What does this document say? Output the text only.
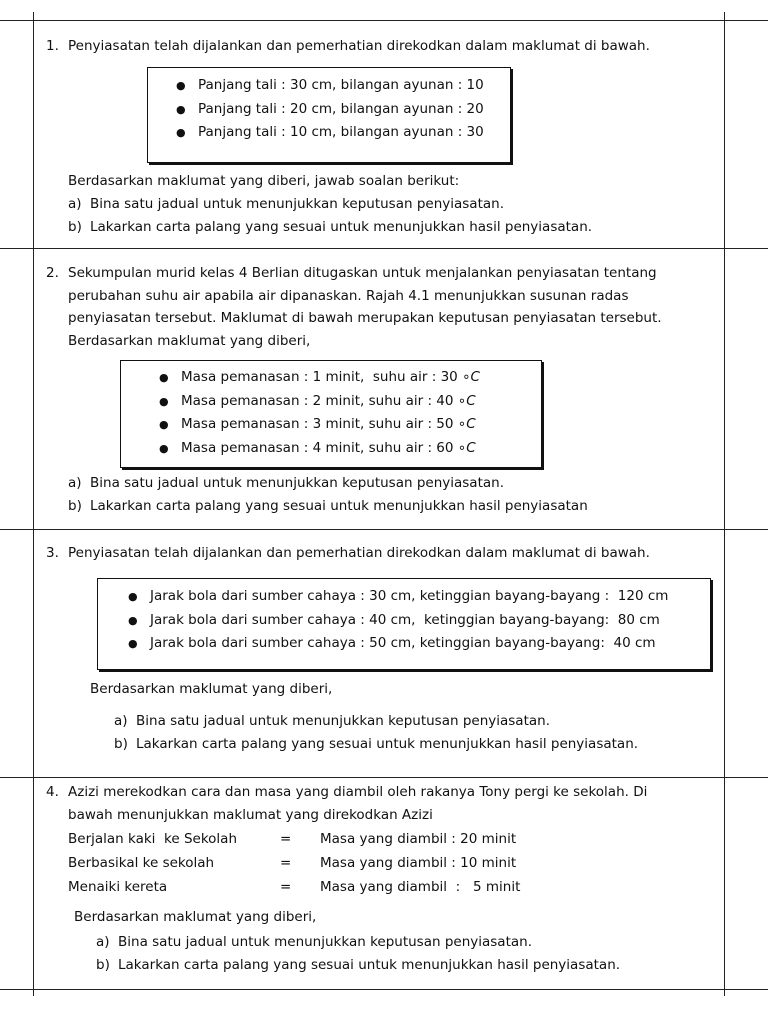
1. Penyiasatan telah dijalankan dan pemerhatian direkodkan dalam maklumat di bawah.
● Panjang tali : 30 cm, bilangan ayunan : 10
● Panjang tali : 20 cm, bilangan ayunan : 20
● Panjang tali : 10 cm, bilangan ayunan : 30
Berdasarkan maklumat yang diberi, jawab soalan berikut:
a) Bina satu jadual untuk menunjukkan keputusan penyiasatan.
b) Lakarkan carta palang yang sesuai untuk menunjukkan hasil penyiasatan.
2. Sekumpulan murid kelas 4 Berlian ditugaskan untuk menjalankan penyiasatan tentang
perubahan suhu air apabila air dipanaskan. Rajah 4.1 menunjukkan susunan radas
penyiasatan tersebut. Maklumat di bawah merupakan keputusan penyiasatan tersebut.
Berdasarkan maklumat yang diberi,
● Masa pemanasan : 1 minit,  suhu air : 30 ∘C
● Masa pemanasan : 2 minit, suhu air : 40 ∘C
● Masa pemanasan : 3 minit, suhu air : 50 ∘C
● Masa pemanasan : 4 minit, suhu air : 60 ∘C
a) Bina satu jadual untuk menunjukkan keputusan penyiasatan.
b) Lakarkan carta palang yang sesuai untuk menunjukkan hasil penyiasatan
3. Penyiasatan telah dijalankan dan pemerhatian direkodkan dalam maklumat di bawah.
● Jarak bola dari sumber cahaya : 30 cm, ketinggian bayang-bayang :  120 cm
● Jarak bola dari sumber cahaya : 40 cm,  ketinggian bayang-bayang:  80 cm
● Jarak bola dari sumber cahaya : 50 cm, ketinggian bayang-bayang:  40 cm
Berdasarkan maklumat yang diberi,
a) Bina satu jadual untuk menunjukkan keputusan penyiasatan.
b) Lakarkan carta palang yang sesuai untuk menunjukkan hasil penyiasatan.
4. Azizi merekodkan cara dan masa yang diambil oleh rakanya Tony pergi ke sekolah. Di
bawah menunjukkan maklumat yang direkodkan Azizi
Berjalan kaki  ke Sekolah	=	Masa yang diambil : 20 minit
Berbasikal ke sekolah	=	Masa yang diambil : 10 minit
Menaiki kereta	=	Masa yang diambil  :   5 minit
Berdasarkan maklumat yang diberi,
a) Bina satu jadual untuk menunjukkan keputusan penyiasatan.
b) Lakarkan carta palang yang sesuai untuk menunjukkan hasil penyiasatan.
